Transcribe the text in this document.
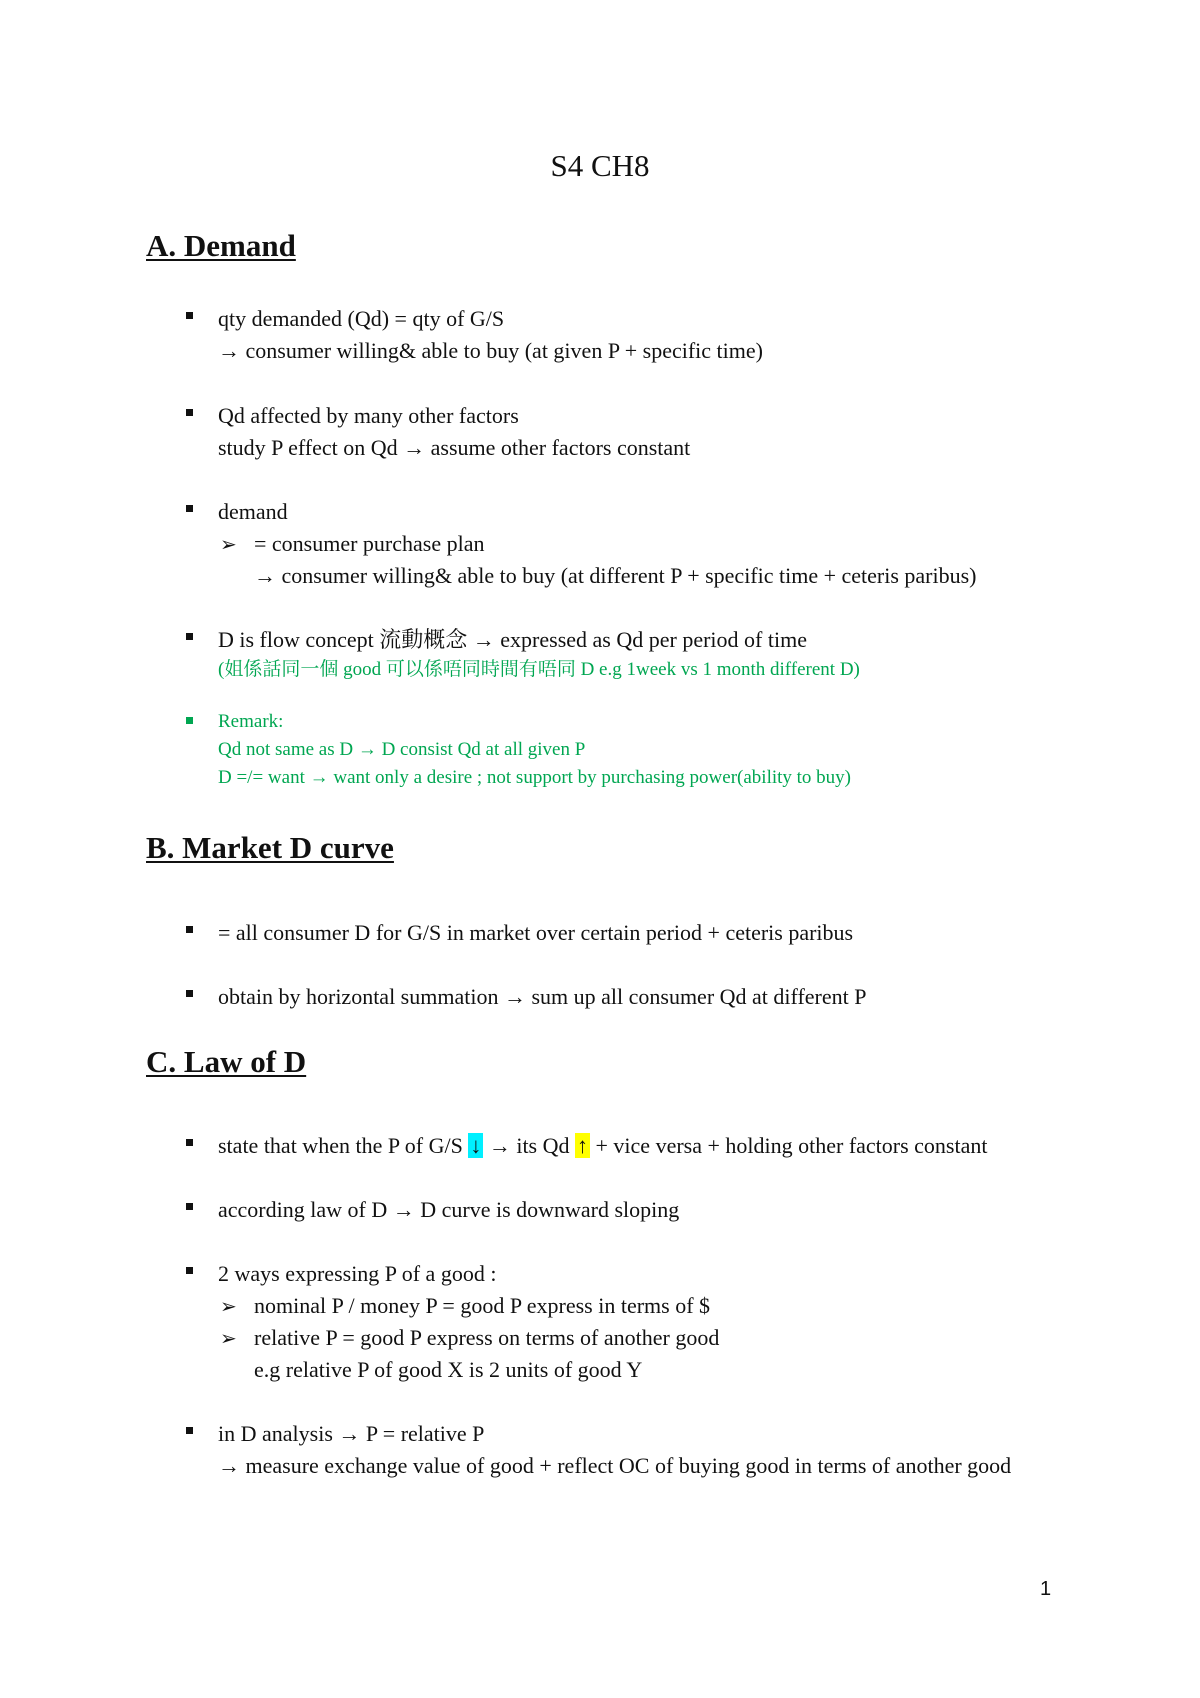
S4 CH8
A. Demand
qty demanded (Qd) = qty of G/S
→ consumer willing& able to buy (at given P + specific time)
Qd affected by many other factors
study P effect on Qd → assume other factors constant
demand
➢ = consumer purchase plan
→ consumer willing& able to buy (at different P + specific time + ceteris paribus)
D is flow concept 流動概念 → expressed as Qd per period of time
(姐係話同一個 good 可以係唔同時間有唔同 D e.g 1week vs 1 month different D)
Remark:
Qd not same as D → D consist Qd at all given P
D =/= want → want only a desire ; not support by purchasing power(ability to buy)
B. Market D curve
= all consumer D for G/S in market over certain period + ceteris paribus
obtain by horizontal summation → sum up all consumer Qd at different P
C. Law of D
state that when the P of G/S ↓ → its Qd ↑ + vice versa + holding other factors constant
according law of D → D curve is downward sloping
2 ways expressing P of a good :
➢ nominal P / money P = good P express in terms of $
➢ relative P = good P express on terms of another good
e.g relative P of good X is 2 units of good Y
in D analysis → P = relative P
→ measure exchange value of good + reflect OC of buying good in terms of another good
1
